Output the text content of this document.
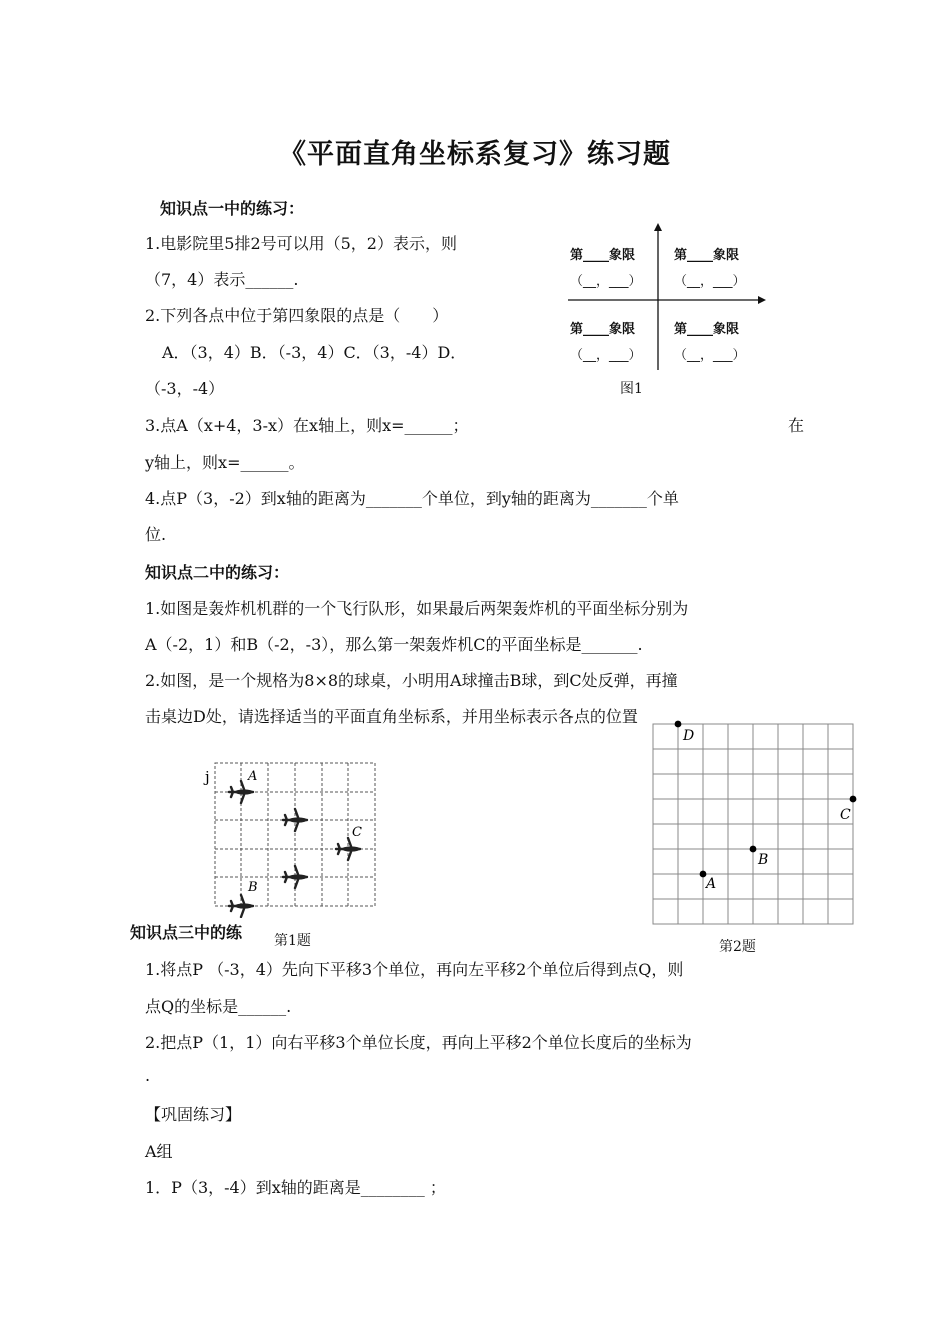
《平面直角坐标系复习》练习题
知识点一中的练习：
1.电影院里5排2号可以用（5，2）表示，则
（7，4）表示______.
2.下列各点中位于第四象限的点是（　　）
A．（3，4）B．（-3，4）C．（3，-4）D．
（-3，-4）
3.点A（x+4，3-x）在x轴上，则x=______；	在
y轴上，则x=______。
4.点P（3，-2）到x轴的距离为_______个单位，到y轴的距离为_______个单
位.
第____象限
（__，___）
第____象限
（__，___）
第____象限
（__，___）
第____象限
（__，___）
图1
知识点二中的练习：
1.如图是轰炸机机群的一个飞行队形，如果最后两架轰炸机的平面坐标分别为
A（-2，1）和B（-2，-3），那么第一架轰炸机C的平面坐标是_______.
2.如图，是一个规格为8×8的球桌，小明用A球撞击B球，到C处反弹，再撞
击桌边D处，请选择适当的平面直角坐标系，并用坐标表示各点的位置
A
C
B
j
第1题
D
A
B
C
第2题
知识点三中的练
1.将点P （-3，4）先向下平移3个单位，再向左平移2个单位后得到点Q，则
点Q的坐标是______.
2.把点P（1，1）向右平移3个单位长度，再向上平移2个单位长度后的坐标为
.
【巩固练习】
A组
1．P（3，-4）到x轴的距离是________ ；
